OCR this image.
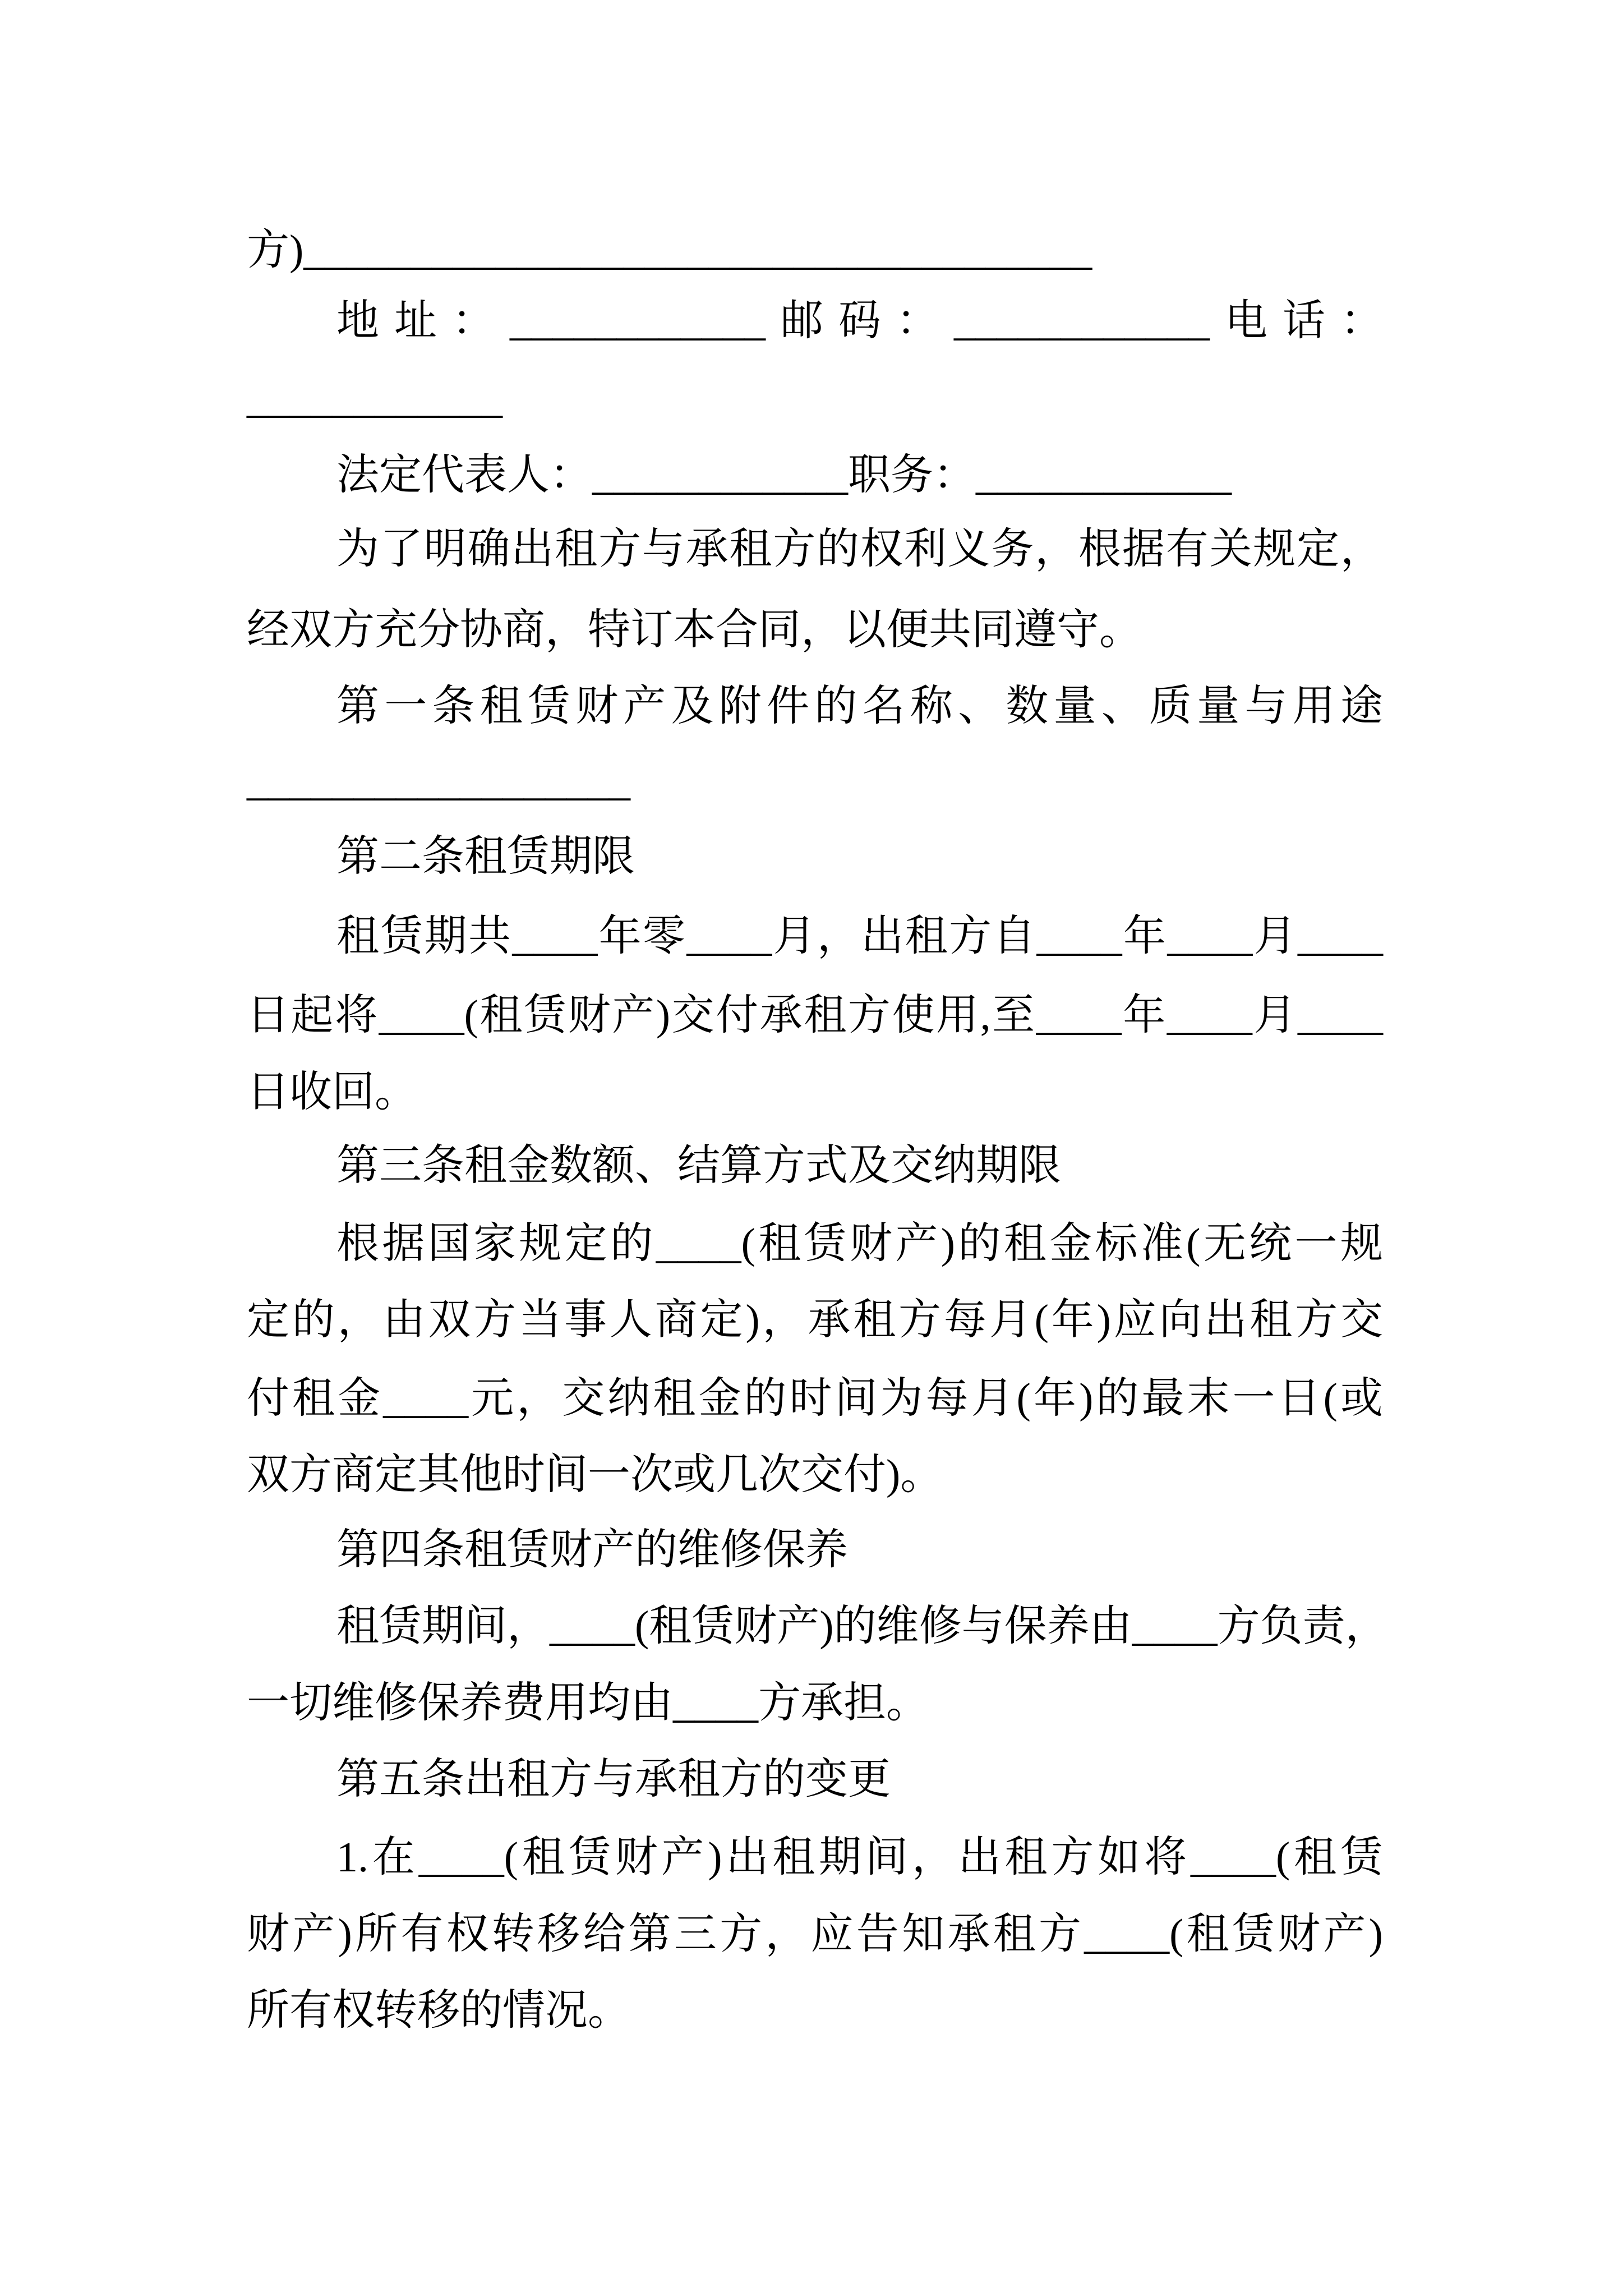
方)_____________________________________
地址：____________邮码：____________电话：
____________
法定代表人：____________职务：____________
为了明确出租方与承租方的权利义务，根据有关规定，
经双方充分协商，特订本合同，以便共同遵守。
第一条租赁财产及附件的名称、数量、质量与用途
__________________
第二条租赁期限
租赁期共____年零____月，出租方自____年____月____
日起将____(租赁财产)交付承租方使用,至____年____月____
日收回。
第三条租金数额、结算方式及交纳期限
根据国家规定的____(租赁财产)的租金标准(无统一规
定的，由双方当事人商定)，承租方每月(年)应向出租方交
付租金____元，交纳租金的时间为每月(年)的最末一日(或
双方商定其他时间一次或几次交付)。
第四条租赁财产的维修保养
租赁期间，____(租赁财产)的维修与保养由____方负责，
一切维修保养费用均由____方承担。
第五条出租方与承租方的变更
1.在____(租赁财产)出租期间，出租方如将____(租赁
财产)所有权转移给第三方，应告知承租方____(租赁财产)
所有权转移的情况。
